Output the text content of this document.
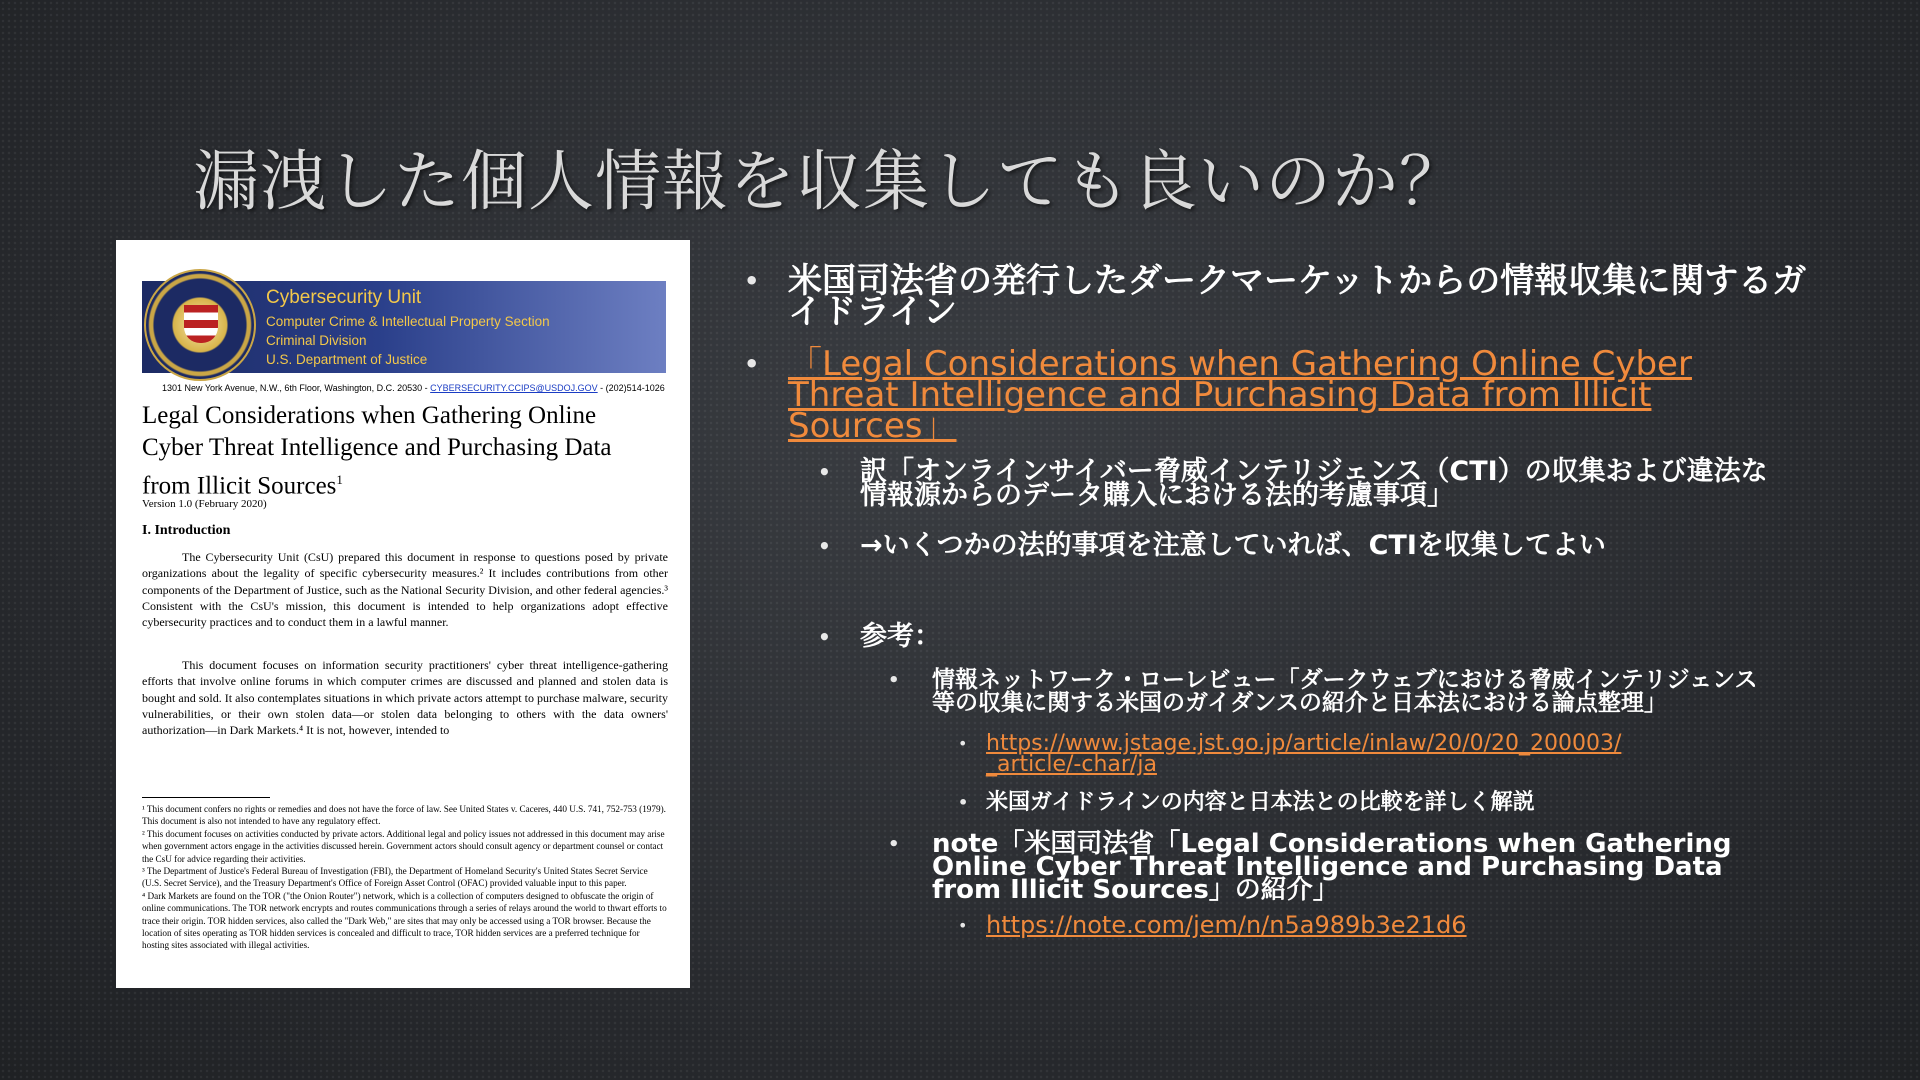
漏洩した個人情報を収集しても良いのか？
Cybersecurity Unit
Computer Crime & Intellectual Property Section
Criminal Division
U.S. Department of Justice
1301 New York Avenue, N.W., 6th Floor, Washington, D.C. 20530 - CYBERSECURITY.CCIPS@USDOJ.GOV - (202)514-1026
Legal Considerations when Gathering Online Cyber Threat Intelligence and Purchasing Data from Illicit Sources$^1$
Version 1.0 (February 2020)
I. Introduction
The Cybersecurity Unit (CsU) prepared this document in response to questions posed by private organizations about the legality of specific cybersecurity measures.² It includes contributions from other components of the Department of Justice, such as the National Security Division, and other federal agencies.³ Consistent with the CsU's mission, this document is intended to help organizations adopt effective cybersecurity practices and to conduct them in a lawful manner.
This document focuses on information security practitioners' cyber threat intelligence-gathering efforts that involve online forums in which computer crimes are discussed and planned and stolen data is bought and sold. It also contemplates situations in which private actors attempt to purchase malware, security vulnerabilities, or their own stolen data—or stolen data belonging to others with the data owners' authorization—in Dark Markets.⁴ It is not, however, intended to

¹ This document confers no rights or remedies and does not have the force of law. See United States v. Caceres, 440 U.S. 741, 752-753 (1979). This document is also not intended to have any regulatory effect.

² This document focuses on activities conducted by private actors. Additional legal and policy issues not addressed in this document may arise when government actors engage in the activities discussed herein. Government actors should consult agency or department counsel or contact the CsU for advice regarding their activities.

³ The Department of Justice's Federal Bureau of Investigation (FBI), the Department of Homeland Security's United States Secret Service (U.S. Secret Service), and the Treasury Department's Office of Foreign Asset Control (OFAC) provided valuable input to this paper.

⁴ Dark Markets are found on the TOR ("the Onion Router") network, which is a collection of computers designed to obfuscate the origin of online communications. The TOR network encrypts and routes communications through a series of relays around the world to thwart efforts to trace their origin. TOR hidden services, also called the "Dark Web," are sites that may only be accessed using a TOR browser. Because the location of sites operating as TOR hidden services is concealed and difficult to trace, TOR hidden services are a preferred technique for hosting sites associated with illegal activities.

• 米国司法省の発行したダークマーケットからの情報収集に関するガ
イドライン
• 「Legal Considerations when Gathering Online Cyber
Threat Intelligence and Purchasing Data from Illicit
Sources」
• 訳「オンラインサイバー脅威インテリジェンス（CTI）の収集および違法な
情報源からのデータ購入における法的考慮事項」
• →いくつかの法的事項を注意していれば、CTIを収集してよい
• 参考：
• 情報ネットワーク・ローレビュー「ダークウェブにおける脅威インテリジェンス
等の収集に関する米国のガイダンスの紹介と日本法における論点整理」
• https://www.jstage.jst.go.jp/article/inlaw/20/0/20_200003/
_article/-char/ja
• 米国ガイドラインの内容と日本法との比較を詳しく解説
• note「米国司法省「Legal Considerations when Gathering
Online Cyber Threat Intelligence and Purchasing Data
from Illicit Sources」の紹介」
• https://note.com/jem/n/n5a989b3e21d6
